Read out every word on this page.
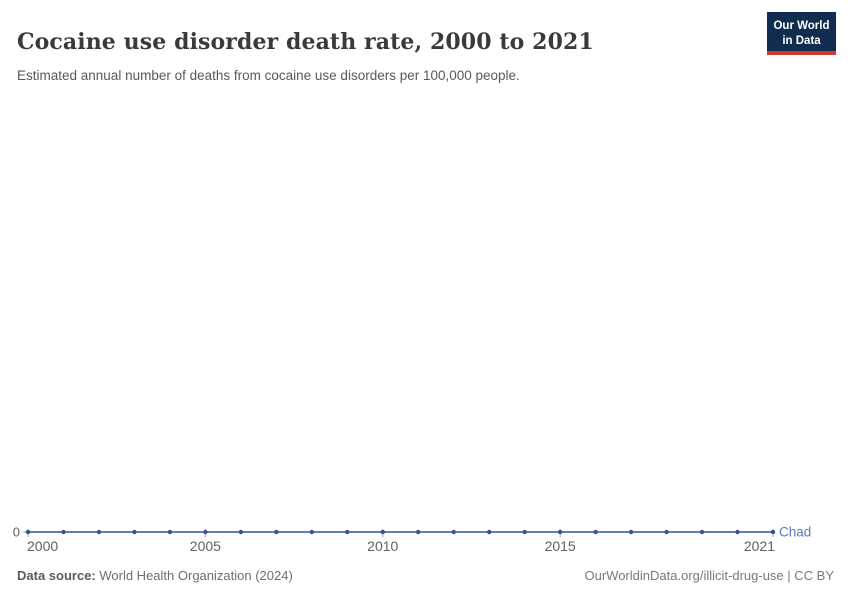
Cocaine use disorder death rate, 2000 to 2021

Estimated annual number of deaths from cocaine use disorders per 100,000 people.

Our World
in Data
2000	2005	2010	2015	2021
0	Chad
Data source: World Health Organization (2024)	OurWorldinData.org/illicit-drug-use | CC BY
